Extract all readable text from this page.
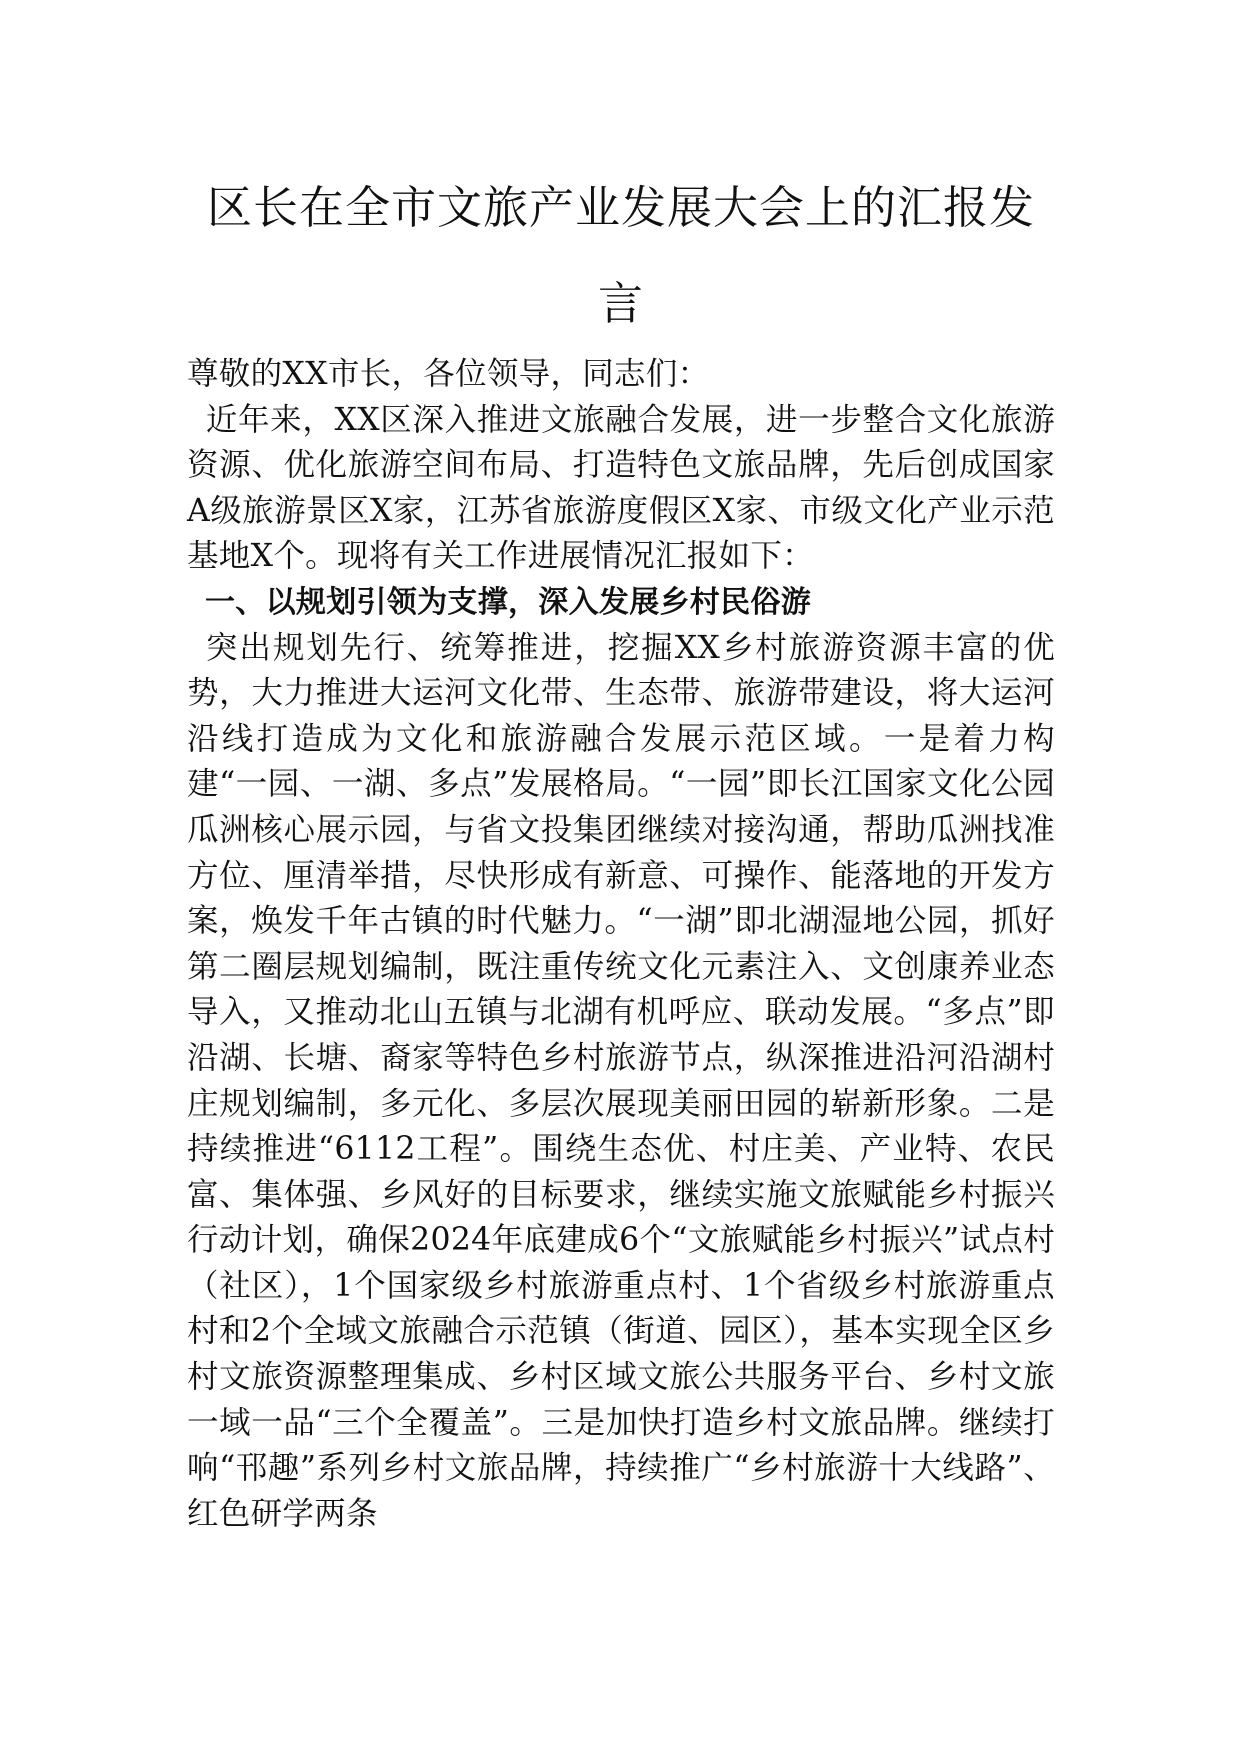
区长在全市文旅产业发展大会上的汇报发言

尊敬的XX市长，各位领导，同志们：

近年来，XX区深入推进文旅融合发展，进一步整合文化旅游资源、优化旅游空间布局、打造特色文旅品牌，先后创成国家A级旅游景区X家，江苏省旅游度假区X家、市级文化产业示范基地X个。现将有关工作进展情况汇报如下：

一、以规划引领为支撑，深入发展乡村民俗游

突出规划先行、统筹推进，挖掘XX乡村旅游资源丰富的优势，大力推进大运河文化带、生态带、旅游带建设，将大运河沿线打造成为文化和旅游融合发展示范区域。一是着力构建“一园、一湖、多点”发展格局。“一园”即长江国家文化公园瓜洲核心展示园，与省文投集团继续对接沟通，帮助瓜洲找准方位、厘清举措，尽快形成有新意、可操作、能落地的开发方案，焕发千年古镇的时代魅力。“一湖”即北湖湿地公园，抓好第二圈层规划编制，既注重传统文化元素注入、文创康养业态导入，又推动北山五镇与北湖有机呼应、联动发展。“多点”即沿湖、长塘、裔家等特色乡村旅游节点，纵深推进沿河沿湖村庄规划编制，多元化、多层次展现美丽田园的崭新形象。二是持续推进“6112工程”。围绕生态优、村庄美、产业特、农民富、集体强、乡风好的目标要求，继续实施文旅赋能乡村振兴行动计划，确保2024年底建成6个“文旅赋能乡村振兴”试点村（社区），1个国家级乡村旅游重点村、1个省级乡村旅游重点村和2个全域文旅融合示范镇（街道、园区），基本实现全区乡村文旅资源整理集成、乡村区域文旅公共服务平台、乡村文旅一域一品“三个全覆盖”。三是加快打造乡村文旅品牌。继续打响“邗趣”系列乡村文旅品牌，持续推广“乡村旅游十大线路”、红色研学两条
